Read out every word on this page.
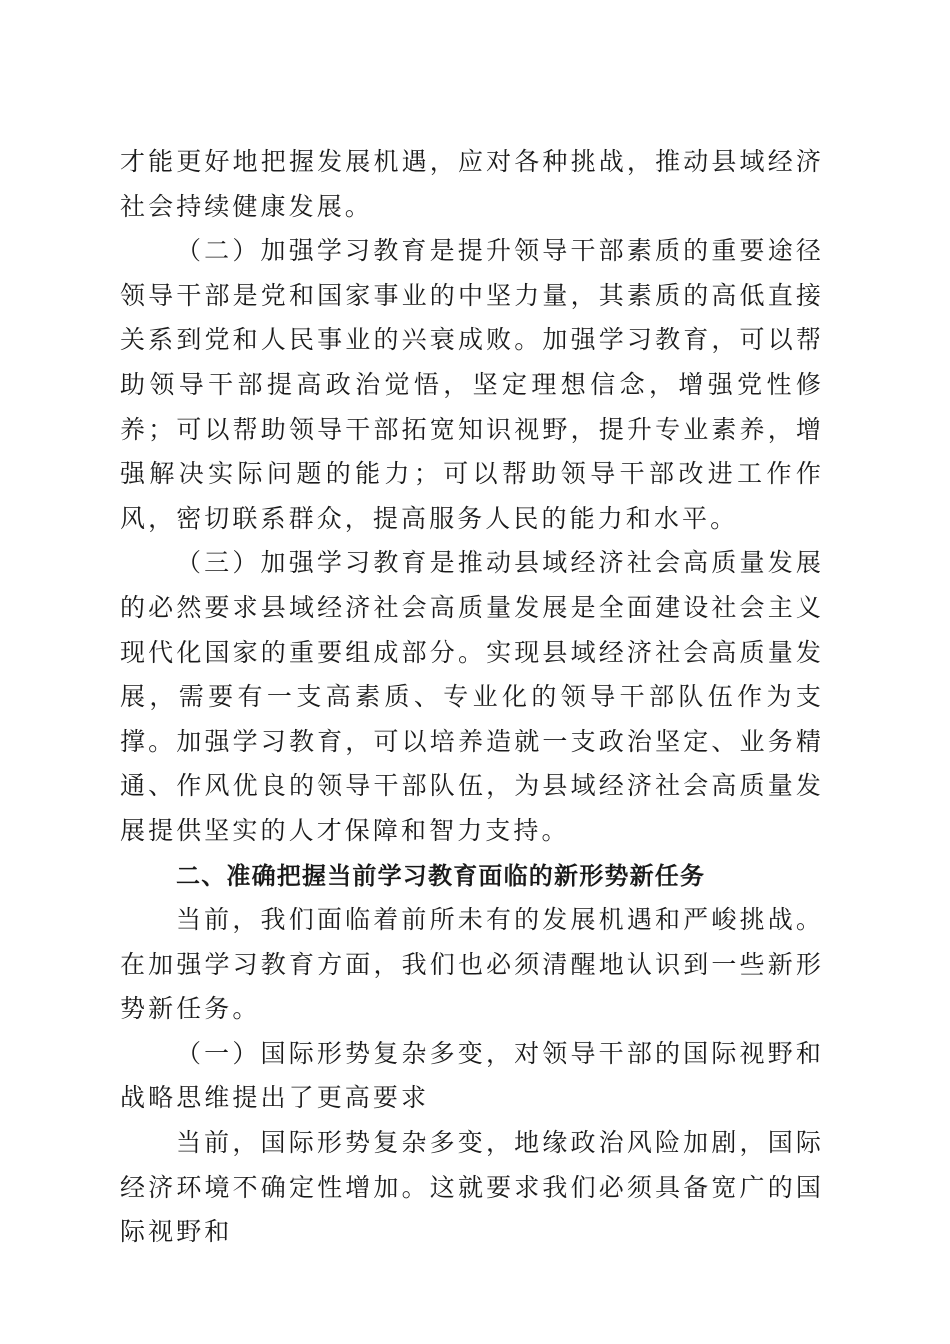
才能更好地把握发展机遇，应对各种挑战，推动县域经济社会持续健康发展。

（二）加强学习教育是提升领导干部素质的重要途径领导干部是党和国家事业的中坚力量，其素质的高低直接关系到党和人民事业的兴衰成败。加强学习教育，可以帮助领导干部提高政治觉悟，坚定理想信念，增强党性修养；可以帮助领导干部拓宽知识视野，提升专业素养，增强解决实际问题的能力；可以帮助领导干部改进工作作风，密切联系群众，提高服务人民的能力和水平。

（三）加强学习教育是推动县域经济社会高质量发展的必然要求县域经济社会高质量发展是全面建设社会主义现代化国家的重要组成部分。实现县域经济社会高质量发展，需要有一支高素质、专业化的领导干部队伍作为支撑。加强学习教育，可以培养造就一支政治坚定、业务精通、作风优良的领导干部队伍，为县域经济社会高质量发展提供坚实的人才保障和智力支持。

二、准确把握当前学习教育面临的新形势新任务

当前，我们面临着前所未有的发展机遇和严峻挑战。在加强学习教育方面，我们也必须清醒地认识到一些新形势新任务。

（一）国际形势复杂多变，对领导干部的国际视野和战略思维提出了更高要求

当前，国际形势复杂多变，地缘政治风险加剧，国际经济环境不确定性增加。这就要求我们必须具备宽广的国际视野和
